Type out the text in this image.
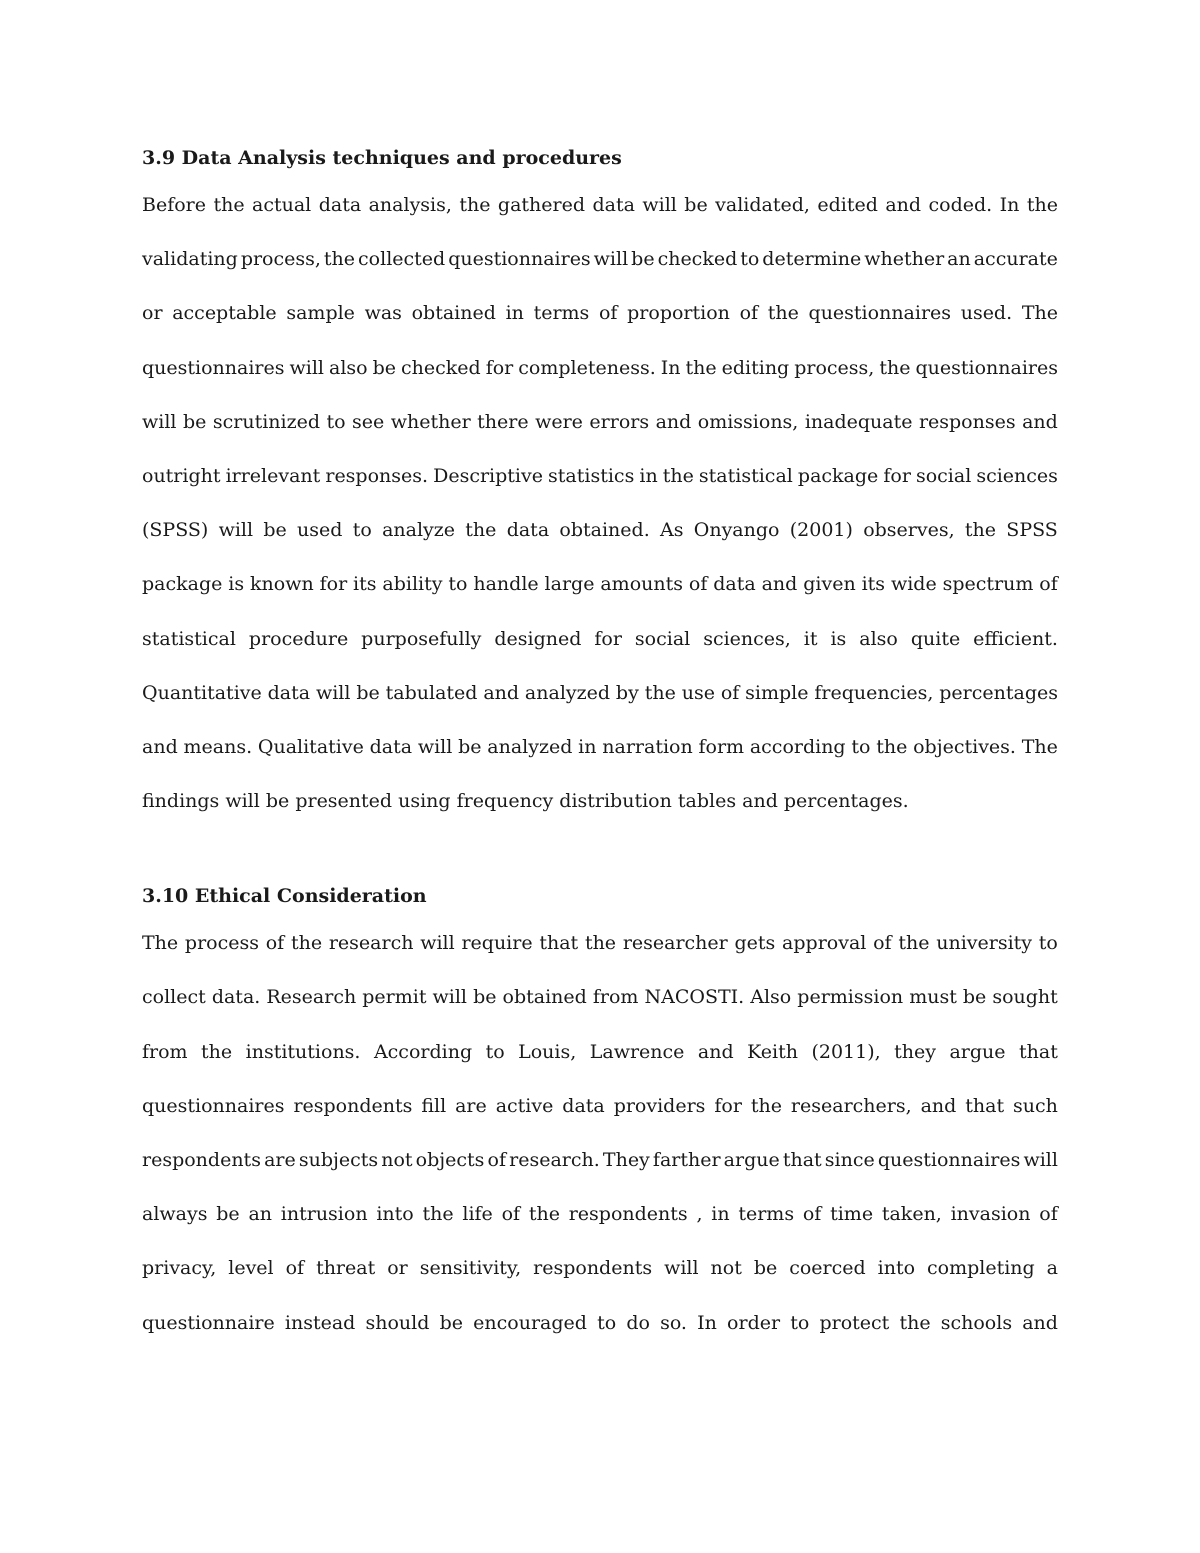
3.9 Data Analysis techniques and procedures
Before the actual data analysis, the gathered data will be validated, edited and coded. In the
validating process, the collected questionnaires will be checked to determine whether an accurate
or acceptable sample was obtained in terms of proportion of the questionnaires used. The
questionnaires will also be checked for completeness. In the editing process, the questionnaires
will be scrutinized to see whether there were errors and omissions, inadequate responses and
outright irrelevant responses. Descriptive statistics in the statistical package for social sciences
(SPSS) will be used to analyze the data obtained. As Onyango (2001) observes, the SPSS
package is known for its ability to handle large amounts of data and given its wide spectrum of
statistical procedure purposefully designed for social sciences, it is also quite efficient.
Quantitative data will be tabulated and analyzed by the use of simple frequencies, percentages
and means. Qualitative data will be analyzed in narration form according to the objectives. The
findings will be presented using frequency distribution tables and percentages.
3.10 Ethical Consideration
The process of the research will require that the researcher gets approval of the university to
collect data. Research permit will be obtained from NACOSTI. Also permission must be sought
from the institutions. According to Louis, Lawrence and Keith (2011), they argue that
questionnaires respondents fill are active data providers for the researchers, and that such
respondents are subjects not objects of research. They farther argue that since questionnaires will
always be an intrusion into the life of the respondents , in terms of time taken, invasion of
privacy, level of threat or sensitivity, respondents will not be coerced into completing a
questionnaire instead should be encouraged to do so. In order to protect the schools and
